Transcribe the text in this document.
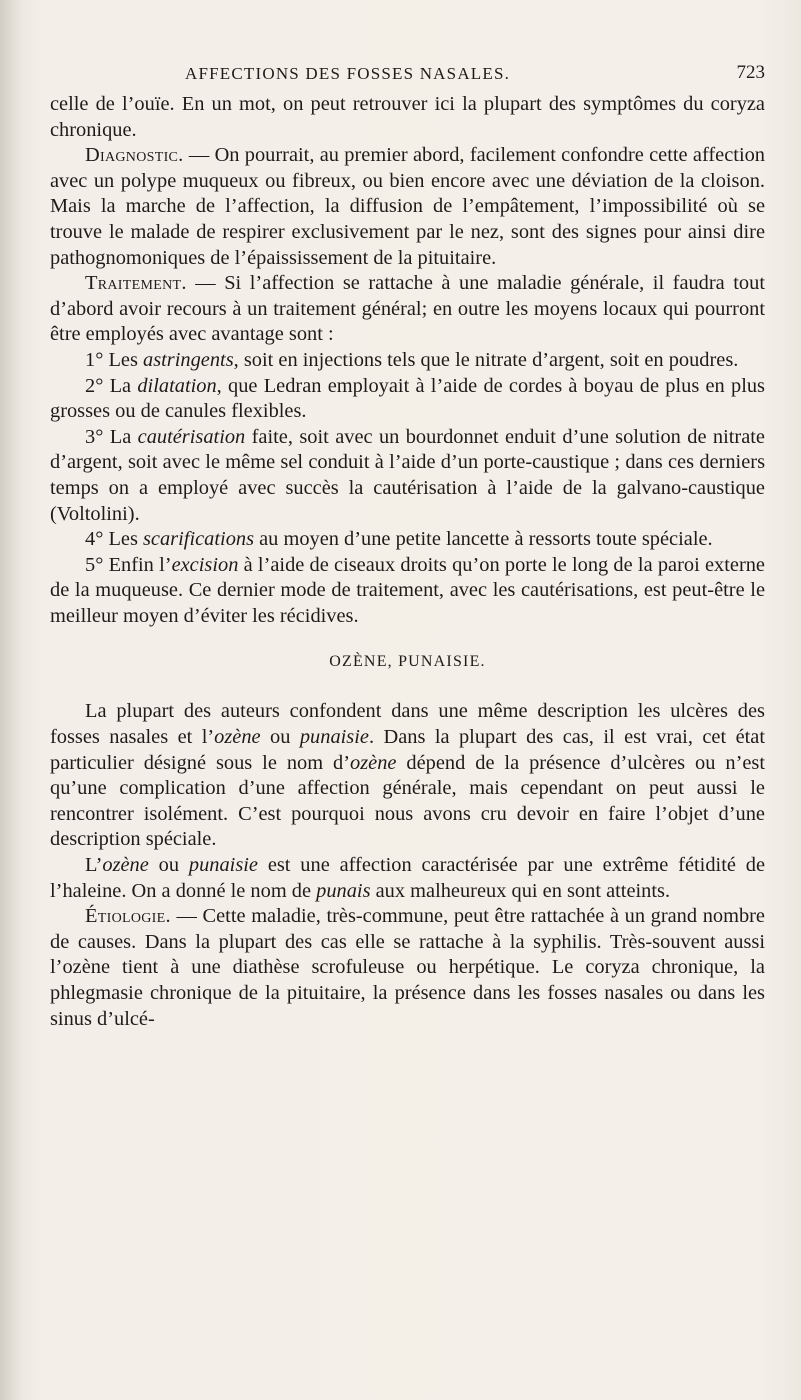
AFFECTIONS DES FOSSES NASALES.	723

celle de l’ouïe. En un mot, on peut retrouver ici la plupart des symptômes du coryza chronique.

Diagnostic. — On pourrait, au premier abord, facilement confondre cette affection avec un polype muqueux ou fibreux, ou bien encore avec une déviation de la cloison. Mais la marche de l’affection, la diffusion de l’empâtement, l’impossibilité où se trouve le malade de respirer exclusivement par le nez, sont des signes pour ainsi dire pathognomoniques de l’épaississement de la pituitaire.

Traitement. — Si l’affection se rattache à une maladie générale, il faudra tout d’abord avoir recours à un traitement général; en outre les moyens locaux qui pourront être employés avec avantage sont :

1° Les astringents, soit en injections tels que le nitrate d’argent, soit en poudres.

2° La dilatation, que Ledran employait à l’aide de cordes à boyau de plus en plus grosses ou de canules flexibles.

3° La cautérisation faite, soit avec un bourdonnet enduit d’une solution de nitrate d’argent, soit avec le même sel conduit à l’aide d’un porte-caustique ; dans ces derniers temps on a employé avec succès la cautérisation à l’aide de la galvano-caustique (Voltolini).

4° Les scarifications au moyen d’une petite lancette à ressorts toute spéciale.

5° Enfin l’excision à l’aide de ciseaux droits qu’on porte le long de la paroi externe de la muqueuse. Ce dernier mode de traitement, avec les cautérisations, est peut-être le meilleur moyen d’éviter les récidives.

OZÈNE, PUNAISIE.

La plupart des auteurs confondent dans une même description les ulcères des fosses nasales et l’ozène ou punaisie. Dans la plupart des cas, il est vrai, cet état particulier désigné sous le nom d’ozène dépend de la présence d’ulcères ou n’est qu’une complication d’une affection générale, mais cependant on peut aussi le rencontrer isolément. C’est pourquoi nous avons cru devoir en faire l’objet d’une description spéciale.

L’ozène ou punaisie est une affection caractérisée par une extrême fétidité de l’haleine. On a donné le nom de punais aux malheureux qui en sont atteints.

Étiologie. — Cette maladie, très-commune, peut être rattachée à un grand nombre de causes. Dans la plupart des cas elle se rattache à la syphilis. Très-souvent aussi l’ozène tient à une diathèse scrofuleuse ou herpétique. Le coryza chronique, la phlegmasie chronique de la pituitaire, la présence dans les fosses nasales ou dans les sinus d’ulcé-
